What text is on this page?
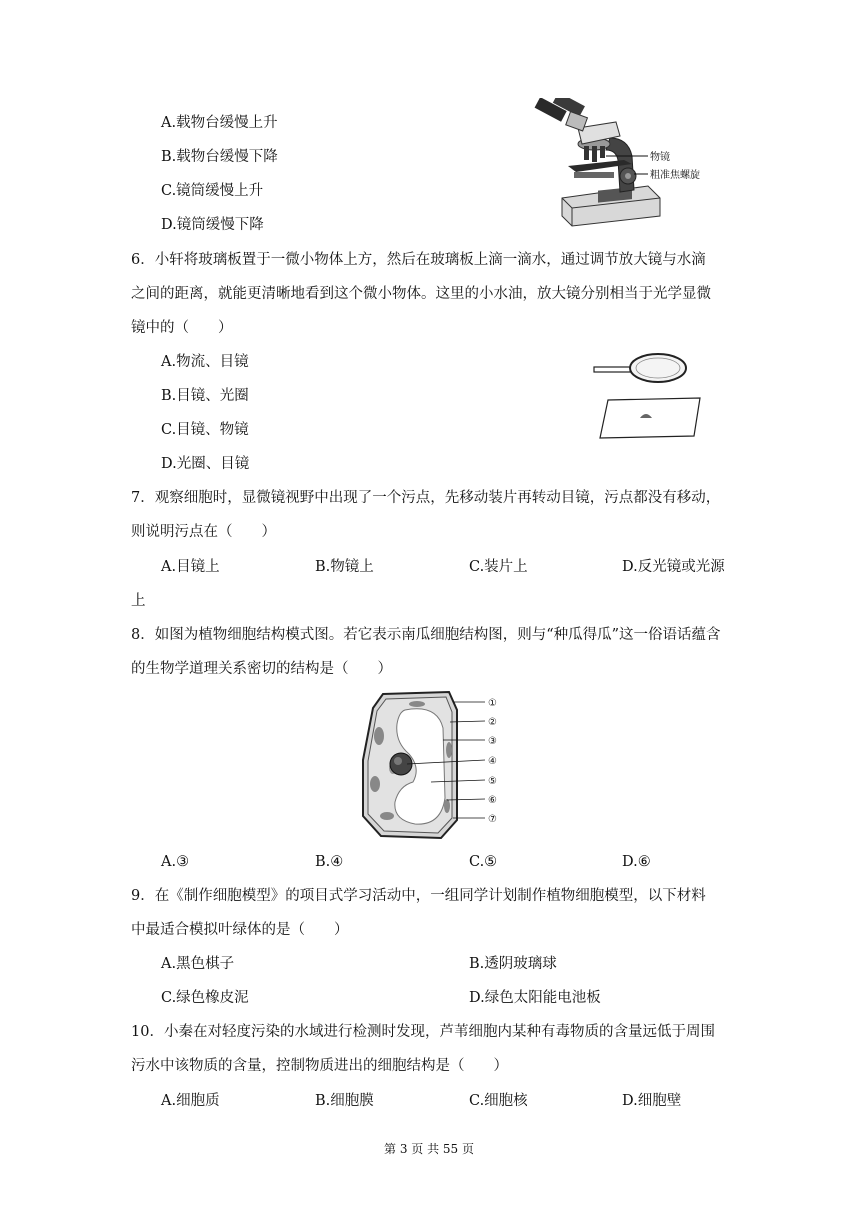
A.载物台缓慢上升
B.载物台缓慢下降
C.镜筒缓慢上升
D.镜筒缓慢下降
物镜
粗准焦螺旋
6．小轩将玻璃板置于一微小物体上方，然后在玻璃板上滴一滴水，通过调节放大镜与水滴
之间的距离，就能更清晰地看到这个微小物体。这里的小水油，放大镜分别相当于光学显微
镜中的（　　）
A.物流、目镜
B.目镜、光圈
C.目镜、物镜
D.光圈、目镜
7．观察细胞时，显微镜视野中出现了一个污点，先移动装片再转动目镜，污点都没有移动，
则说明污点在（　　）
A.目镜上	B.物镜上	C.装片上	D.反光镜或光源
上
8．如图为植物细胞结构模式图。若它表示南瓜细胞结构图，则与“种瓜得瓜”这一俗语话蕴含
的生物学道理关系密切的结构是（　　）
①
②
③
④
⑤
⑥
⑦
A.③	B.④	C.⑤	D.⑥
9．在《制作细胞模型》的项目式学习活动中，一组同学计划制作植物细胞模型，以下材料
中最适合模拟叶绿体的是（　　）
A.黑色棋子	B.透阴玻璃球
C.绿色橡皮泥	D.绿色太阳能电池板
10．小秦在对轻度污染的水域进行检测时发现，芦苇细胞内某种有毒物质的含量远低于周围
污水中该物质的含量，控制物质进出的细胞结构是（　　）
A.细胞质	B.细胞膜	C.细胞核	D.细胞壁
第 3 页 共 55 页
